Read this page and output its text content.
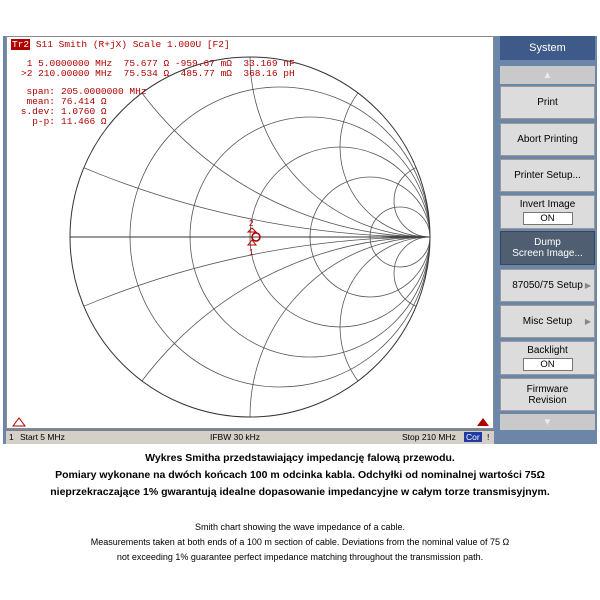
1
2
Tr2 S11 Smith (R+jX) Scale 1.000U [F2]
1 5.0000000 MHz 75.677 Ω -959.67 mΩ 33.169 nF
>2 210.00000 MHz 75.534 Ω 485.77 mΩ 368.16 pH
span:
mean:
s.dev:
p-p:
205.0000000 MHz
76.414 Ω
1.0760 Ω
11.466 Ω
1 Start 5 MHz	IFBW 30 kHz	Stop 210 MHz Cor !
System
▲
Print
Abort Printing
Printer Setup...
Invert Image
ON
Dump
Screen Image...
87050/75 Setup ▶
Misc Setup ▶
Backlight
ON
Firmware
Revision
▼
Wykres Smitha przedstawiający impedancję falową przewodu.
Pomiary wykonane na dwóch końcach 100 m odcinka kabla. Odchyłki od nominalnej wartości 75Ω
nieprzekraczające 1% gwarantują idealne dopasowanie impedancyjne w całym torze transmisyjnym.
Smith chart showing the wave impedance of a cable.
Measurements taken at both ends of a 100 m section of cable. Deviations from the nominal value of 75 Ω
not exceeding 1% guarantee perfect impedance matching throughout the transmission path.
